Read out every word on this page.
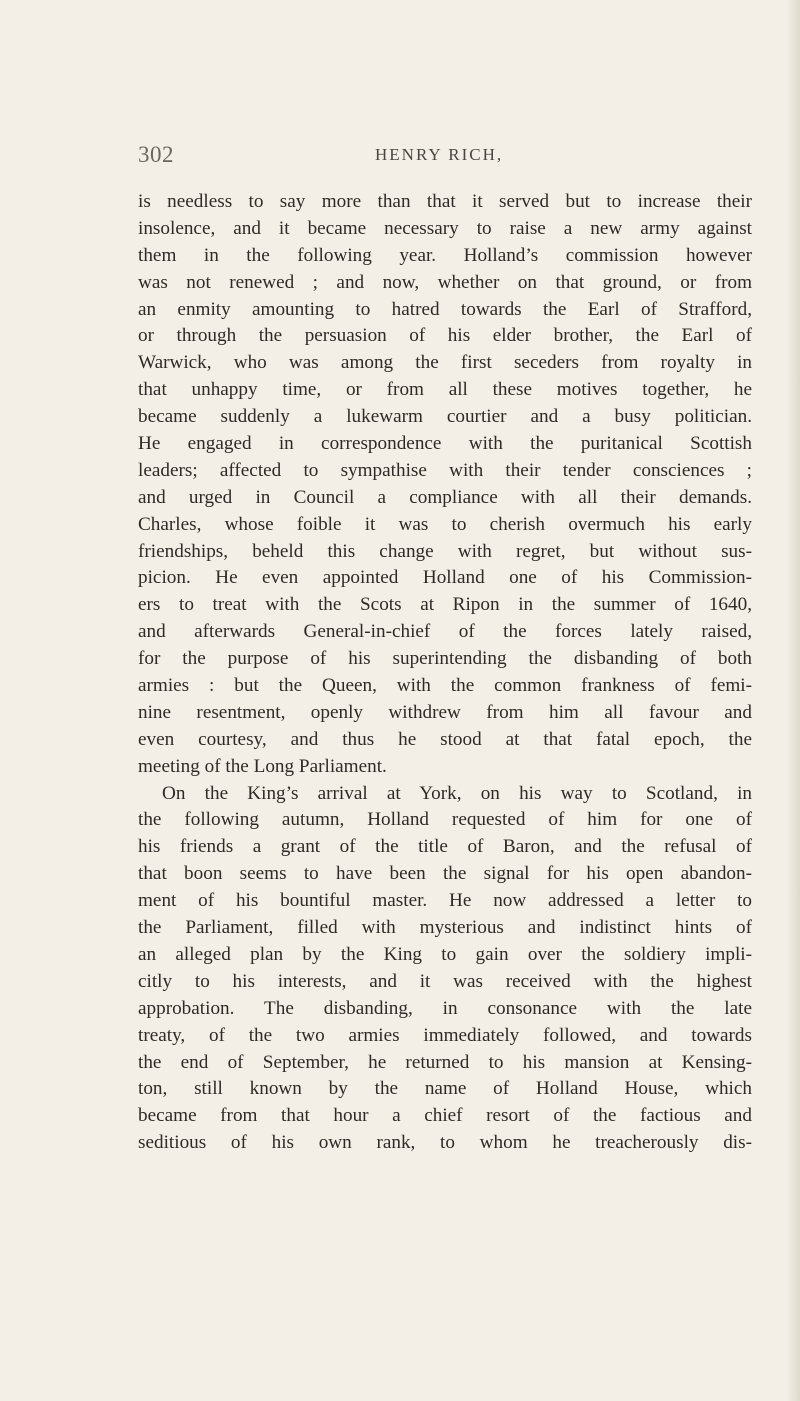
302	HENRY RICH,
is needless to say more than that it served but to increase their
insolence, and it became necessary to raise a new army against
them in the following year. Holland’s commission however
was not renewed ; and now, whether on that ground, or from
an enmity amounting to hatred towards the Earl of Strafford,
or through the persuasion of his elder brother, the Earl of
Warwick, who was among the first seceders from royalty in
that unhappy time, or from all these motives together, he
became suddenly a lukewarm courtier and a busy politician.
He engaged in correspondence with the puritanical Scottish
leaders; affected to sympathise with their tender consciences ;
and urged in Council a compliance with all their demands.
Charles, whose foible it was to cherish overmuch his early
friendships, beheld this change with regret, but without sus-
picion. He even appointed Holland one of his Commission-
ers to treat with the Scots at Ripon in the summer of 1640,
and afterwards General-in-chief of the forces lately raised,
for the purpose of his superintending the disbanding of both
armies : but the Queen, with the common frankness of femi-
nine resentment, openly withdrew from him all favour and
even courtesy, and thus he stood at that fatal epoch, the
meeting of the Long Parliament.
On the King’s arrival at York, on his way to Scotland, in
the following autumn, Holland requested of him for one of
his friends a grant of the title of Baron, and the refusal of
that boon seems to have been the signal for his open abandon-
ment of his bountiful master. He now addressed a letter to
the Parliament, filled with mysterious and indistinct hints of
an alleged plan by the King to gain over the soldiery impli-
citly to his interests, and it was received with the highest
approbation. The disbanding, in consonance with the late
treaty, of the two armies immediately followed, and towards
the end of September, he returned to his mansion at Kensing-
ton, still known by the name of Holland House, which
became from that hour a chief resort of the factious and
seditious of his own rank, to whom he treacherously dis-
